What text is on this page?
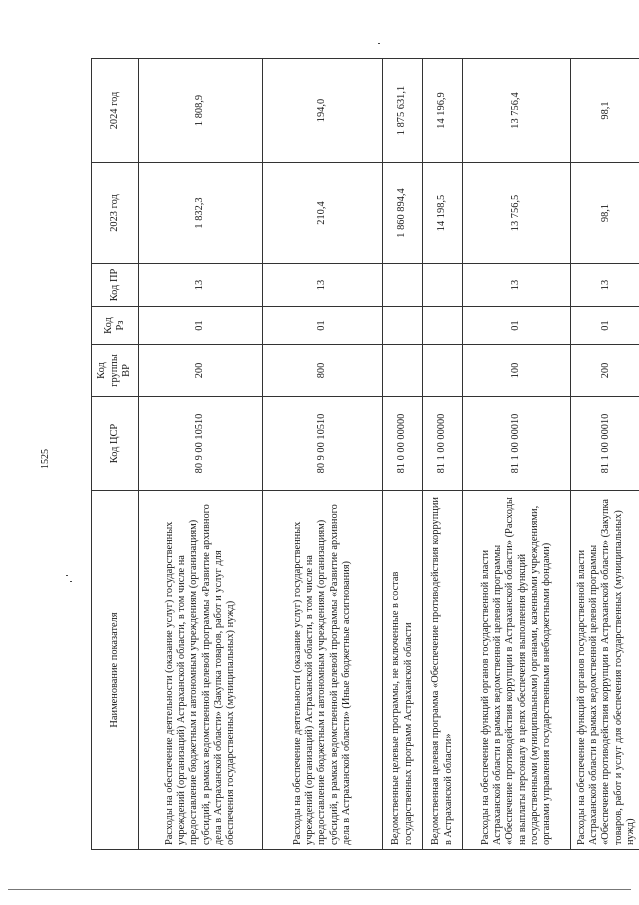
1525
Наименование показателя	Код ЦСР	Код группы ВР	Код Рз	Код ПР	2023 год	2024 год
Расходы на обеспечение деятельности (оказание услуг) государственных учреждений (организаций) Астраханской области, в том числе на предоставление бюджетным и автономным учреждениям (организациям) субсидий, в рамках ведомственной целевой программы «Развитие архивного дела в Астраханской области» (Закупка товаров, работ и услуг для обеспечения государственных (муниципальных) нужд)	80 9 00 10510	200	01	13	1 832,3	1 808,9
Расходы на обеспечение деятельности (оказание услуг) государственных учреждений (организаций) Астраханской области, в том числе на предоставление бюджетным и автономным учреждениям (организациям) субсидий, в рамках ведомственной целевой программы «Развитие архивного дела в Астраханской области» (Иные бюджетные ассигнования)	80 9 00 10510	800	01	13	210,4	194,0
Ведомственные целевые программы, не включенные в состав государственных программ Астраханской области	81 0 00 00000				1 860 894,4	1 875 631,1
Ведомственная целевая программа «Обеспечение противодействия коррупции в Астраханской области»	81 1 00 00000				14 198,5	14 196,9
Расходы на обеспечение функций органов государственной власти Астраханской области в рамках ведомственной целевой программы «Обеспечение противодействия коррупции в Астраханской области» (Расходы на выплаты персоналу в целях обеспечения выполнения функций государственными (муниципальными) органами, казенными учреждениями, органами управления государственными внебюджетными фондами)	81 1 00 00010	100	01	13	13 756,5	13 756,4
Расходы на обеспечение функций органов государственной власти Астраханской области в рамках ведомственной целевой программы «Обеспечение противодействия коррупции в Астраханской области» (Закупка товаров, работ и услуг для обеспечения государственных (муниципальных) нужд)	81 1 00 00010	200	01	13	98,1	98,1
